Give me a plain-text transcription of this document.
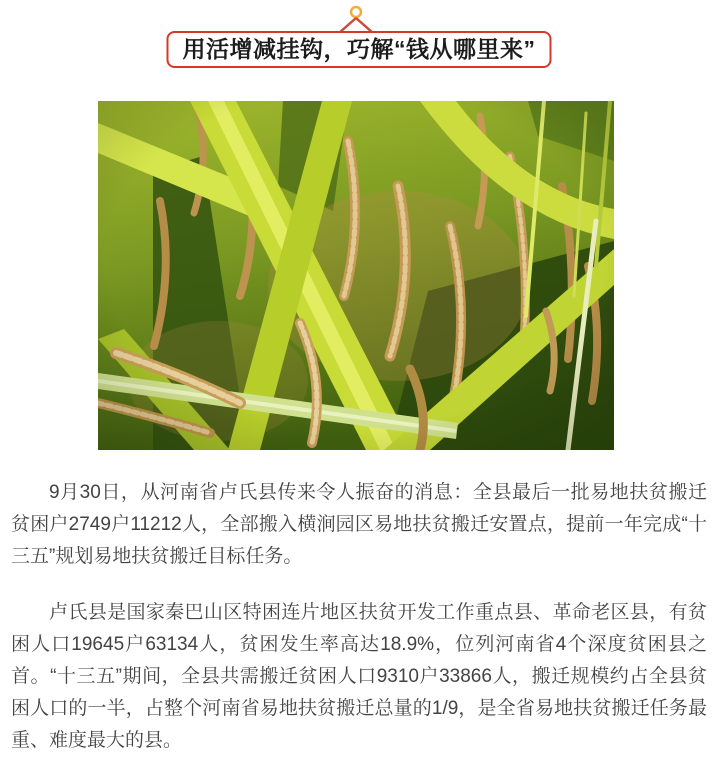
用活增减挂钩，巧解“钱从哪里来”

9月30日，从河南省卢氏县传来令人振奋的消息：全县最后一批易地扶贫搬迁贫困户2749户11212人，全部搬入横涧园区易地扶贫搬迁安置点，提前一年完成“十三五”规划易地扶贫搬迁目标任务。

卢氏县是国家秦巴山区特困连片地区扶贫开发工作重点县、革命老区县，有贫困人口19645户63134人，贫困发生率高达18.9%，位列河南省4个深度贫困县之首。“十三五”期间，全县共需搬迁贫困人口9310户33866人，搬迁规模约占全县贫困人口的一半，占整个河南省易地扶贫搬迁总量的1/9，是全省易地扶贫搬迁任务最重、难度最大的县。
